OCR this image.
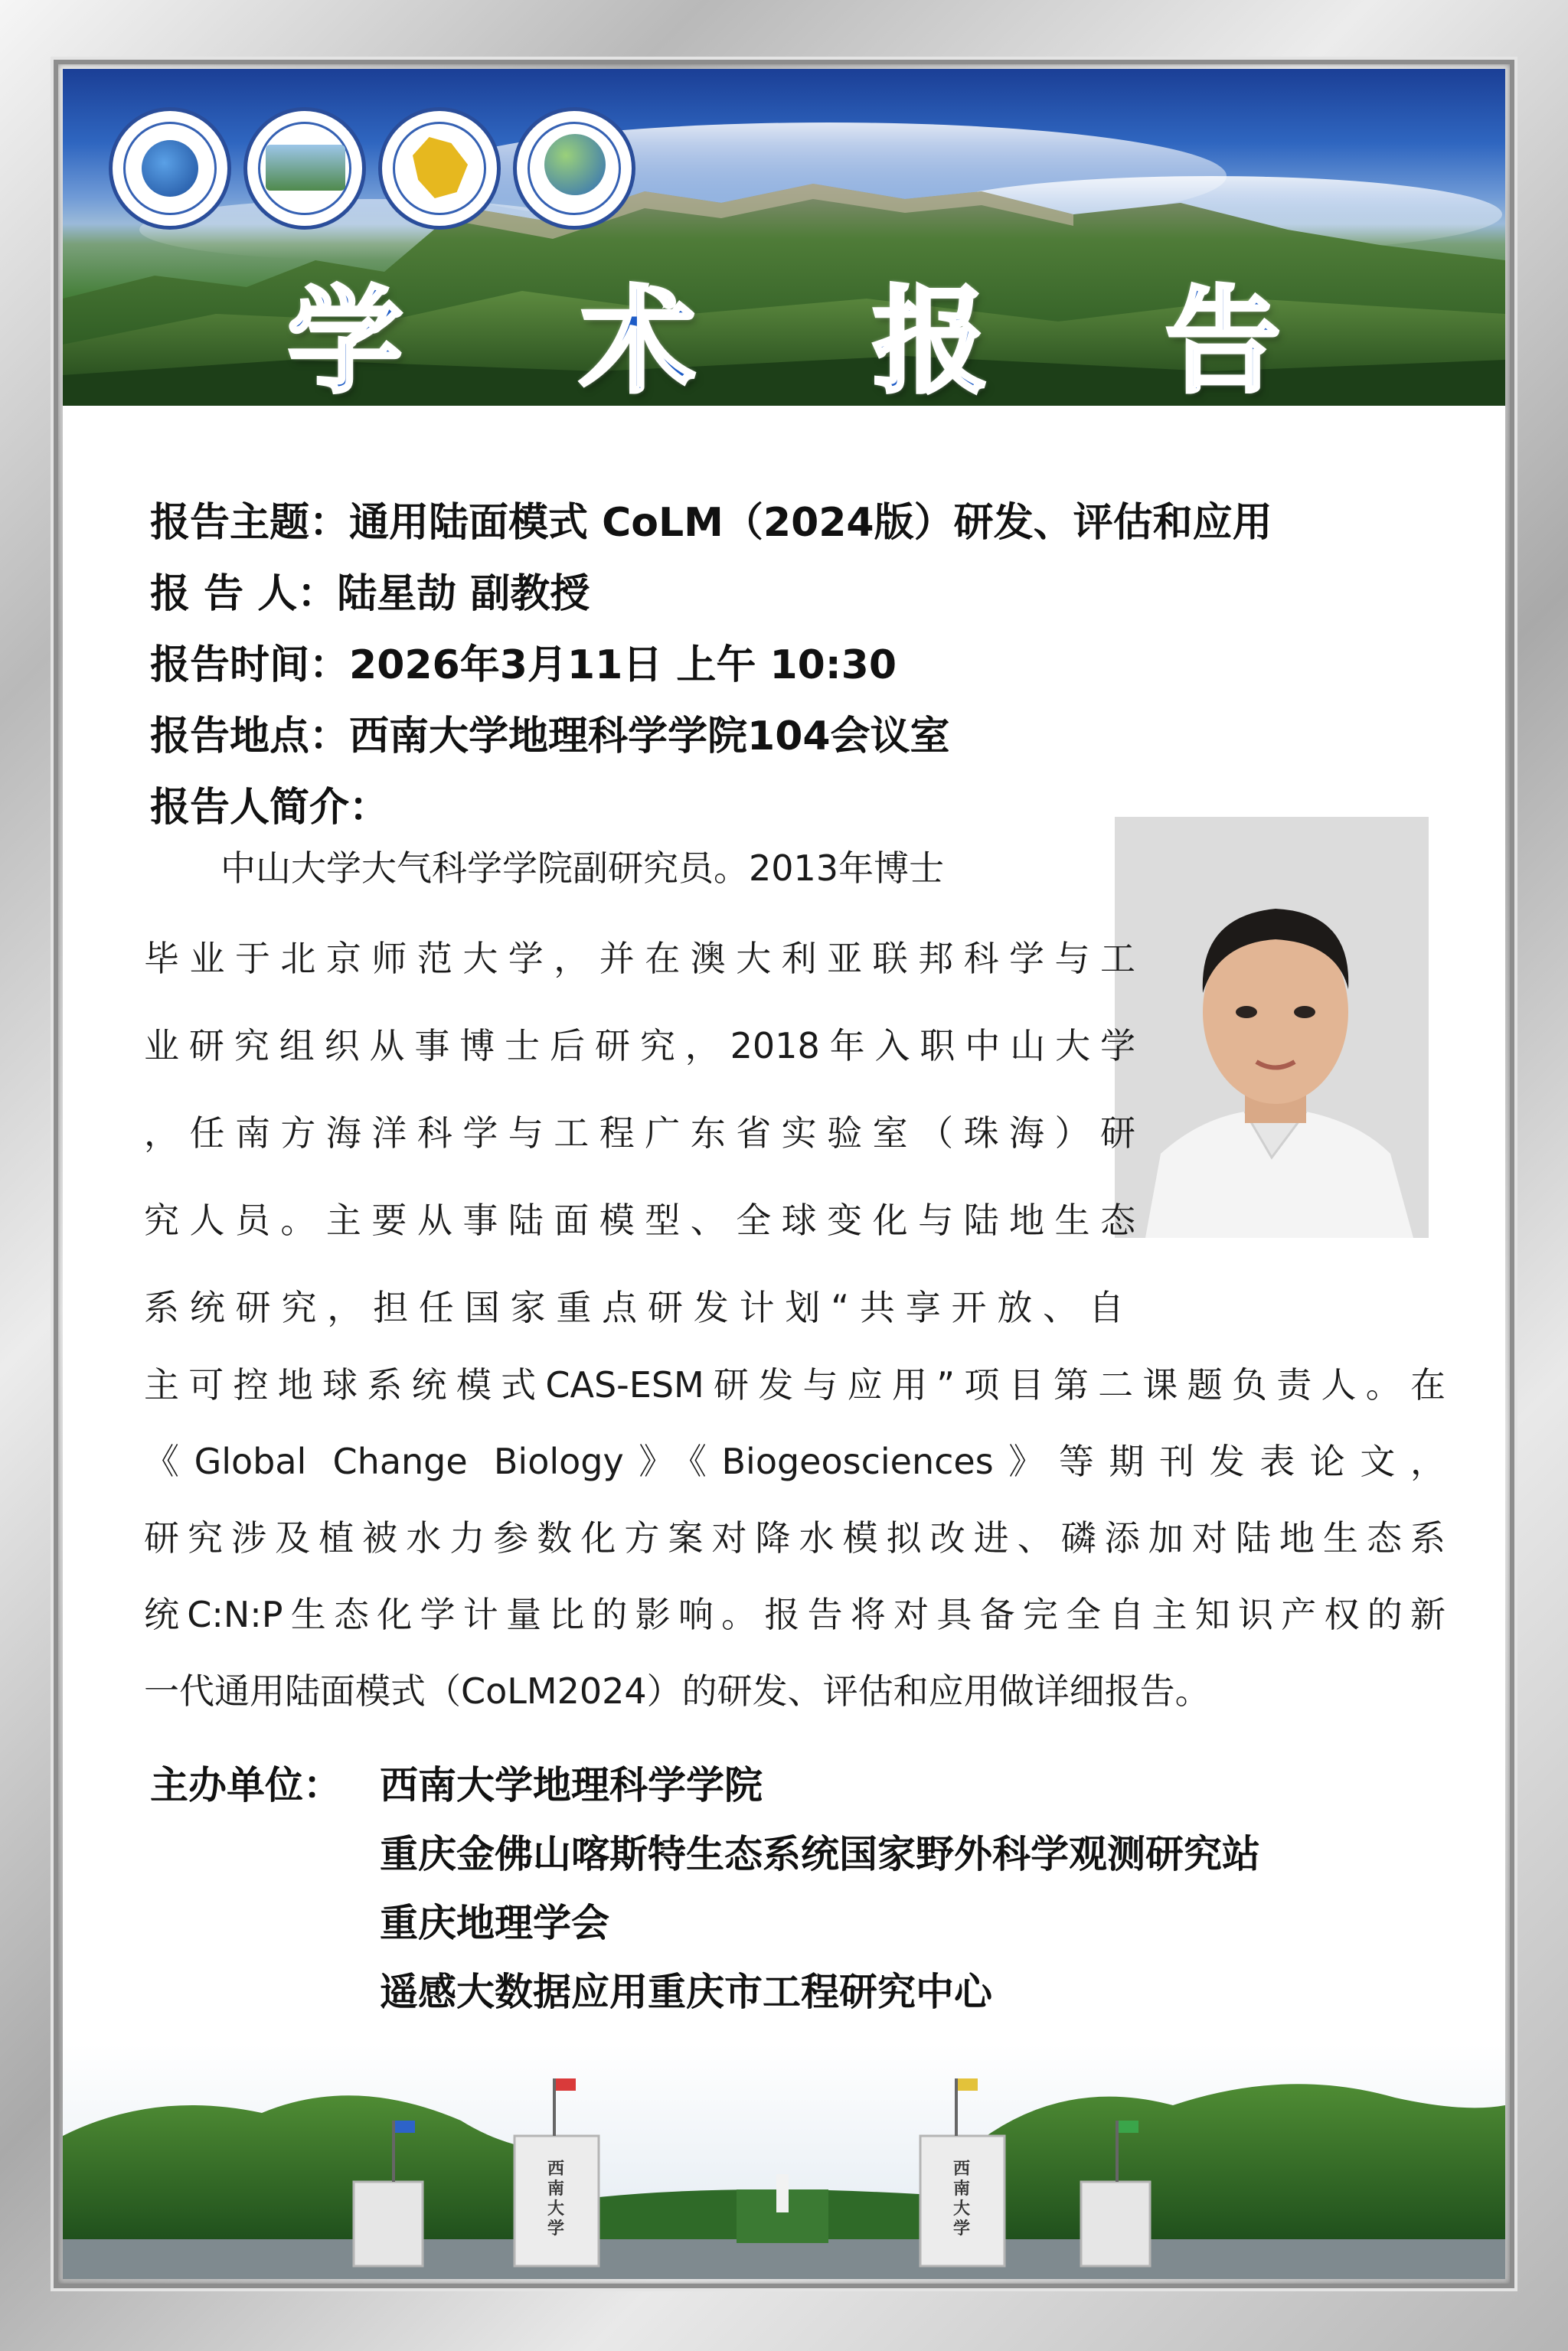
学 术 报 告
报告主题：通用陆面模式 CoLM（2024版）研发、评估和应用
报 告 人：陆星劼 副教授
报告时间：2026年3月11日 上午 10:30
报告地点：西南大学地理科学学院104会议室
报告人简介：
中山大学大气科学学院副研究员。2013年博士
毕业于北京师范大学，并在澳大利亚联邦科学与工
业研究组织从事博士后研究，2018年入职中山大学
，任南方海洋科学与工程广东省实验室（珠海）研
究人员。主要从事陆面模型、全球变化与陆地生态
系统研究，担任国家重点研发计划“共享开放、自
主可控地球系统模式CAS-ESM研发与应用”项目第二课题负责人。在
《Global Change Biology》《Biogeosciences》等期刊发表论文，
研究涉及植被水力参数化方案对降水模拟改进、磷添加对陆地生态系
统C:N:P生态化学计量比的影响。报告将对具备完全自主知识产权的新
一代通用陆面模式（CoLM2024）的研发、评估和应用做详细报告。
主办单位： 西南大学地理科学学院
重庆金佛山喀斯特生态系统国家野外科学观测研究站
重庆地理学会
遥感大数据应用重庆市工程研究中心
西南大学
西南大学
